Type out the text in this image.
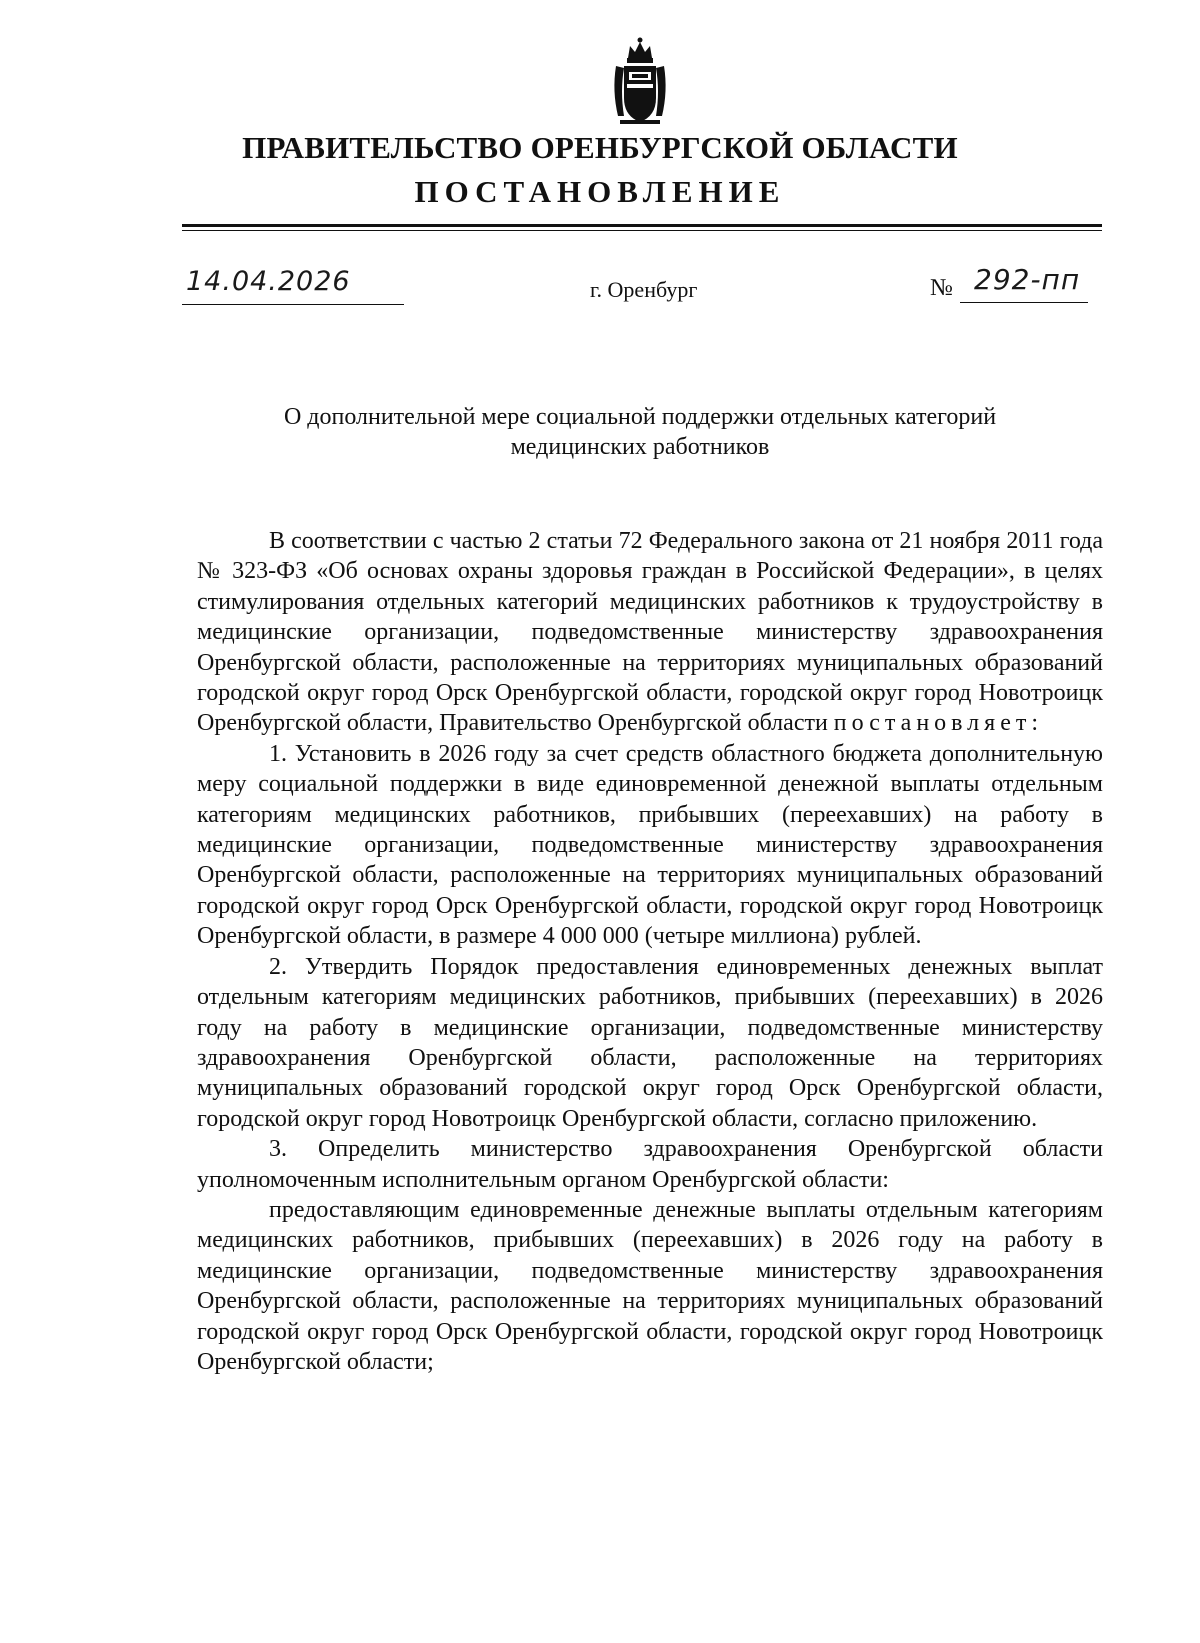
ПРАВИТЕЛЬСТВО ОРЕНБУРГСКОЙ ОБЛАСТИ
ПОСТАНОВЛЕНИЕ
14.04.2026	г. Оренбург	№ 292-пп
О дополнительной мере социальной поддержки отдельных категорий
медицинских работников

В соответствии с частью 2 статьи 72 Федерального закона от 21 ноября 2011 года № 323-ФЗ «Об основах охраны здоровья граждан в Российской Федерации», в целях стимулирования отдельных категорий медицинских работников к трудоустройству в медицинские организации, подведомственные министерству здравоохранения Оренбургской области, расположенные на территориях муниципальных образований городской округ город Орск Оренбургской области, городской округ город Новотроицк Оренбургской области, Правительство Оренбургской области постановляет:

1. Установить в 2026 году за счет средств областного бюджета дополнительную меру социальной поддержки в виде единовременной денежной выплаты отдельным категориям медицинских работников, прибывших (переехавших) на работу в медицинские организации, подведомственные министерству здравоохранения Оренбургской области, расположенные на территориях муниципальных образований городской округ город Орск Оренбургской области, городской округ город Новотроицк Оренбургской области, в размере 4 000 000 (четыре миллиона) рублей.

2. Утвердить Порядок предоставления единовременных денежных выплат отдельным категориям медицинских работников, прибывших (переехавших) в 2026 году на работу в медицинские организации, подведомственные министерству здравоохранения Оренбургской области, расположенные на территориях муниципальных образований городской округ город Орск Оренбургской области, городской округ город Новотроицк Оренбургской области, согласно приложению.

3. Определить министерство здравоохранения Оренбургской области уполномоченным исполнительным органом Оренбургской области:

предоставляющим единовременные денежные выплаты отдельным категориям медицинских работников, прибывших (переехавших) в 2026 году на работу в медицинские организации, подведомственные министерству здравоохранения Оренбургской области, расположенные на территориях муниципальных образований городской округ город Орск Оренбургской области, городской округ город Новотроицк Оренбургской области;
